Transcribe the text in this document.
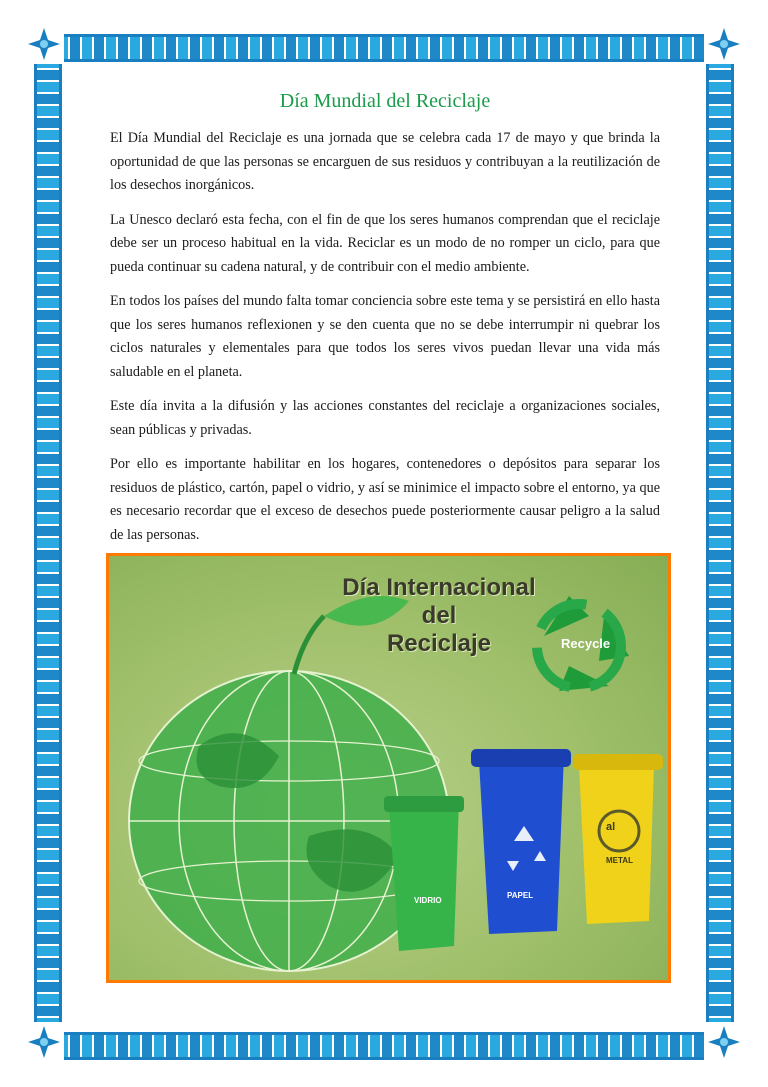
Día Mundial del Reciclaje

El Día Mundial del Reciclaje es una jornada que se celebra cada 17 de mayo y que brinda la oportunidad de que las personas se encarguen de sus residuos y contribuyan a la reutilización de los desechos inorgánicos.

La Unesco declaró esta fecha, con el fin de que los seres humanos comprendan que el reciclaje debe ser un proceso habitual en la vida. Reciclar es un modo de no romper un ciclo, para que pueda continuar su cadena natural, y de contribuir con el medio ambiente.

En todos los países del mundo falta tomar conciencia sobre este tema y se persistirá en ello hasta que los seres humanos reflexionen y se den cuenta que no se debe interrumpir ni quebrar los ciclos naturales y elementales para que todos los seres vivos puedan llevar una vida más saludable en el planeta.

Este día invita a la difusión y las acciones constantes del reciclaje a organizaciones sociales, sean públicas y privadas.

Por ello es importante habilitar en los hogares, contenedores o depósitos para separar los residuos de plástico, cartón, papel o vidrio, y así se minimice el impacto sobre el entorno, ya que es necesario recordar que el exceso de desechos puede posteriormente causar peligro a la salud de las personas.

Día Internacional
del
Reciclaje	Recycle
VIDRIO
PAPEL
al
METAL
